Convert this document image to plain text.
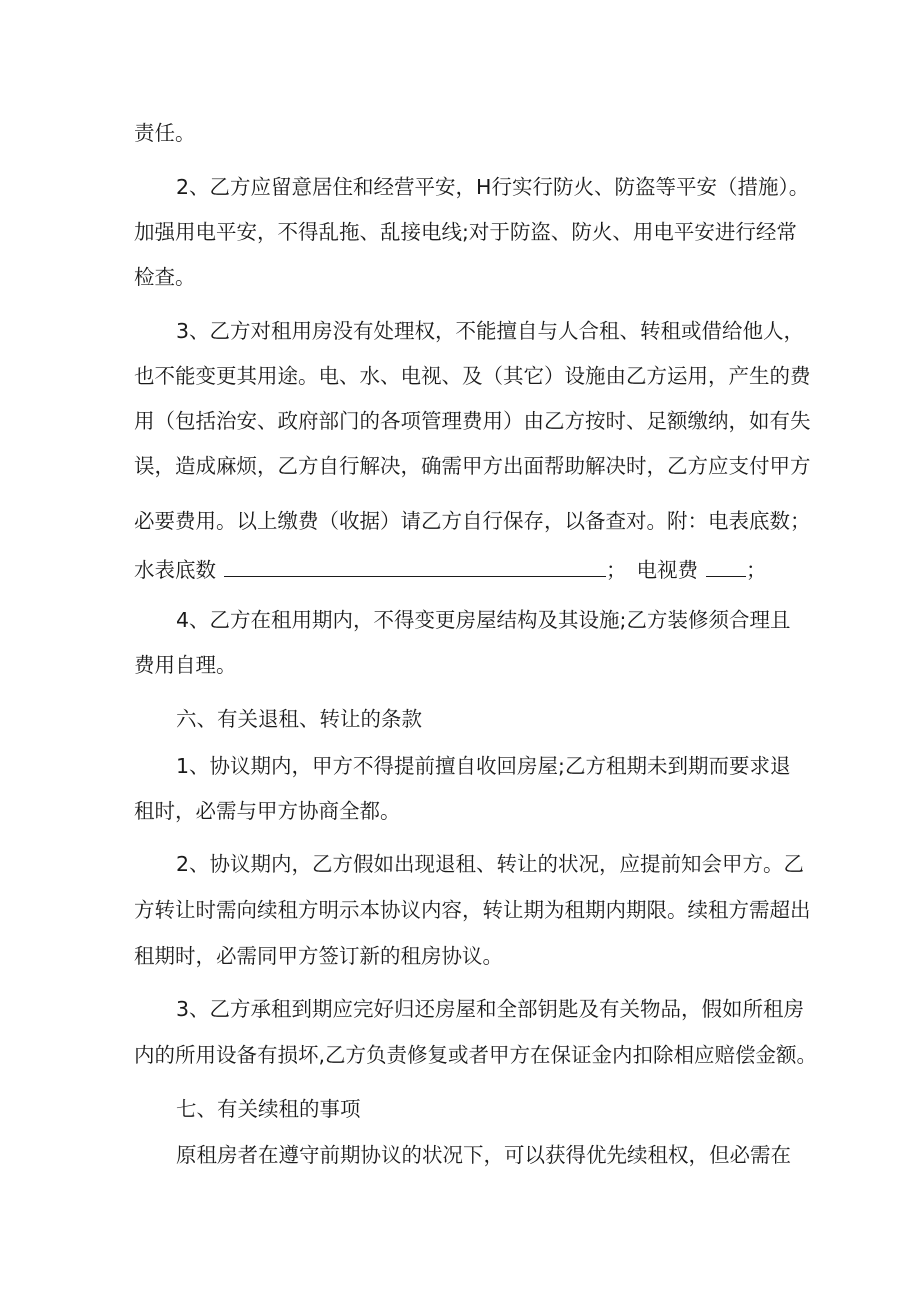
责任。

2、乙方应留意居住和经营平安，H行实行防火、防盗等平安（措施）。

加强用电平安，不得乱拖、乱接电线;对于防盗、防火、用电平安进行经常

检查。

3、乙方对租用房没有处理权，不能擅自与人合租、转租或借给他人，

也不能变更其用途。电、水、电视、及（其它）设施由乙方运用，产生的费

用（包括治安、政府部门的各项管理费用）由乙方按时、足额缴纳，如有失

误，造成麻烦，乙方自行解决，确需甲方出面帮助解决时，乙方应支付甲方

必要费用。以上缴费（收据）请乙方自行保存，以备查对。附：电表底数；

水表底数	； 电视费 ；

4、乙方在租用期内，不得变更房屋结构及其设施;乙方装修须合理且

费用自理。

六、有关退租、转让的条款

1、协议期内，甲方不得提前擅自收回房屋;乙方租期未到期而要求退

租时，必需与甲方协商全都。

2、协议期内，乙方假如出现退租、转让的状况，应提前知会甲方。乙

方转让时需向续租方明示本协议内容，转让期为租期内期限。续租方需超出

租期时，必需同甲方签订新的租房协议。

3、乙方承租到期应完好归还房屋和全部钥匙及有关物品，假如所租房

内的所用设备有损坏,乙方负责修复或者甲方在保证金内扣除相应赔偿金额。

七、有关续租的事项

原租房者在遵守前期协议的状况下，可以获得优先续租权，但必需在
